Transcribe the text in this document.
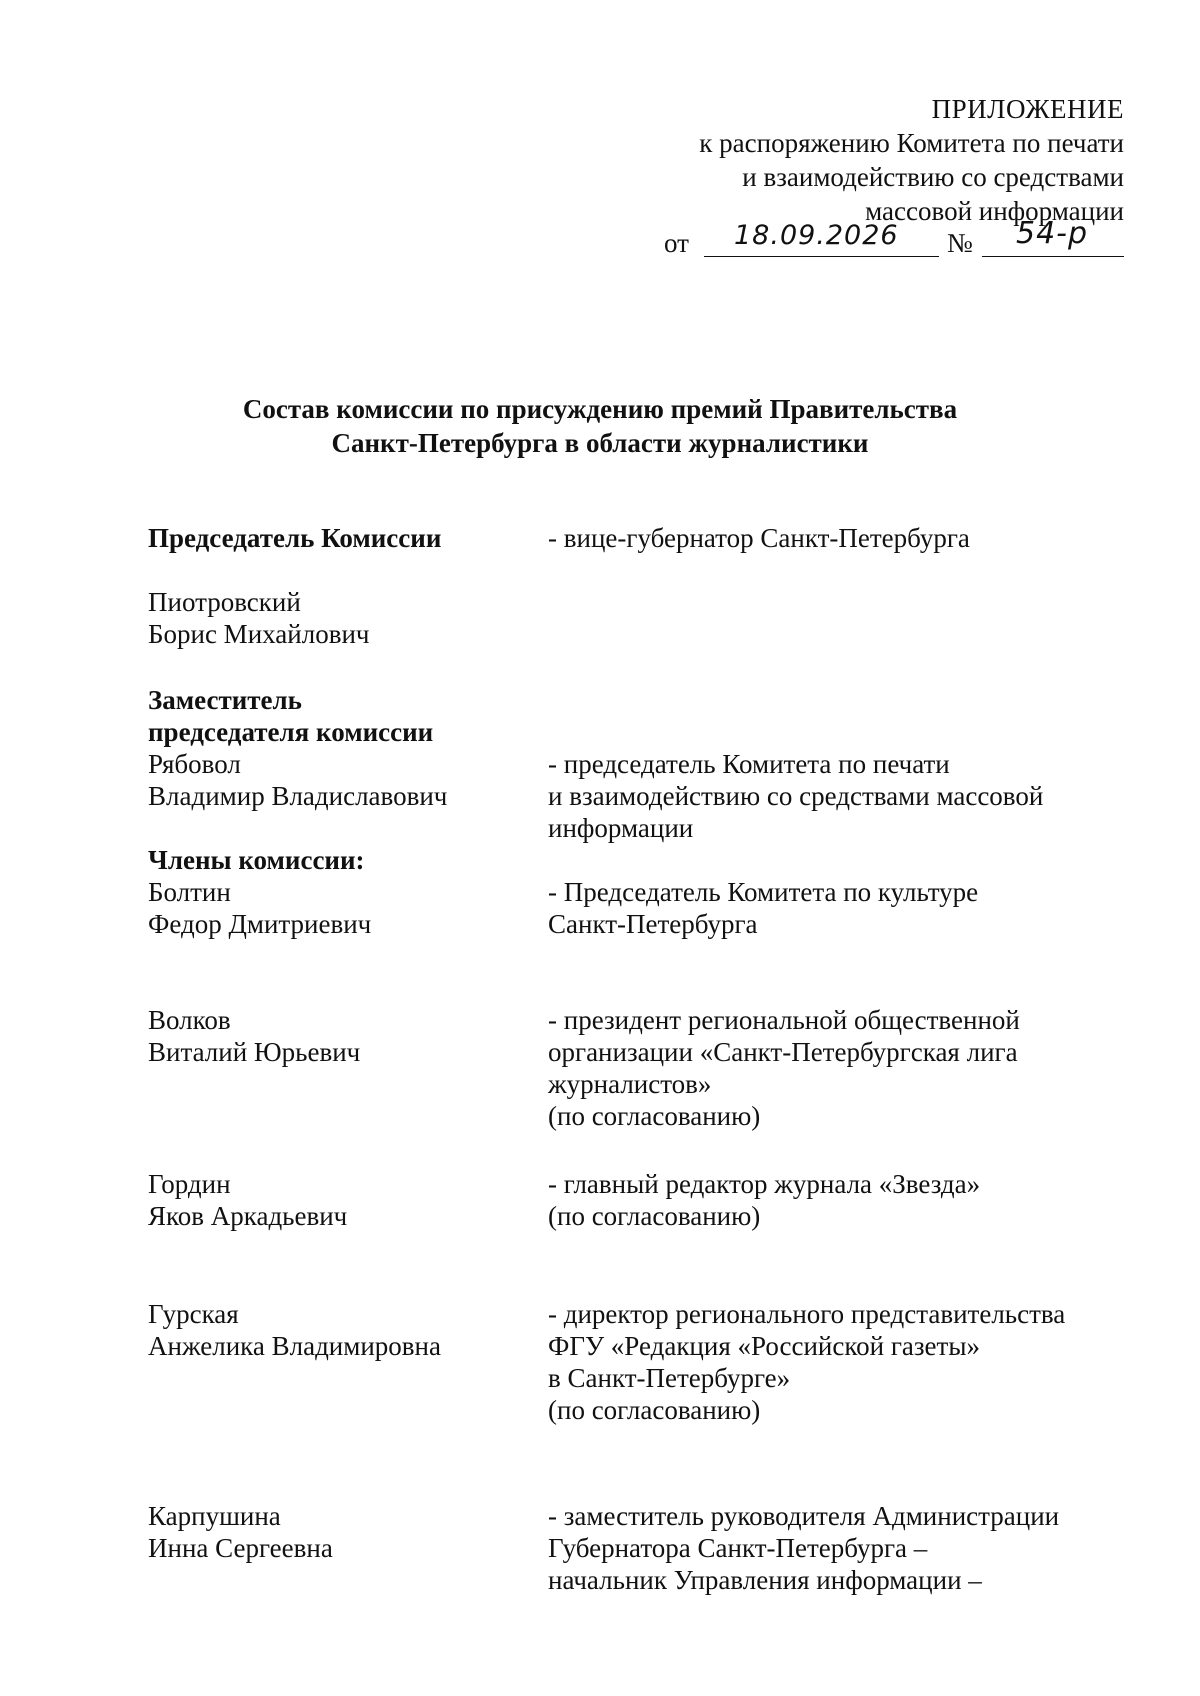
ПРИЛОЖЕНИЕ
к распоряжению Комитета по печати
и взаимодействию со средствами
массовой информации
от 18.09.2026 № 54-р
Состав комиссии по присуждению премий Правительства
Санкт-Петербурга в области журналистики
Председатель Комиссии	- вице-губернатор Санкт-Петербурга
Пиотровский
Борис Михайлович
Заместитель
председателя комиссии
Рябовол
Владимир Владиславович
- председатель Комитета по печати
и взаимодействию со средствами массовой
информации
Члены комиссии:
Болтин
Федор Дмитриевич
- Председатель Комитета по культуре
Санкт-Петербурга
Волков
Виталий Юрьевич
- президент региональной общественной
организации «Санкт-Петербургская лига
журналистов»
(по согласованию)
Гордин
Яков Аркадьевич
- главный редактор журнала «Звезда»
(по согласованию)
Гурская
Анжелика Владимировна
- директор регионального представительства
ФГУ «Редакция «Российской газеты»
в Санкт-Петербурге»
(по согласованию)
Карпушина
Инна Сергеевна
- заместитель руководителя Администрации
Губернатора Санкт-Петербурга –
начальник Управления информации –
